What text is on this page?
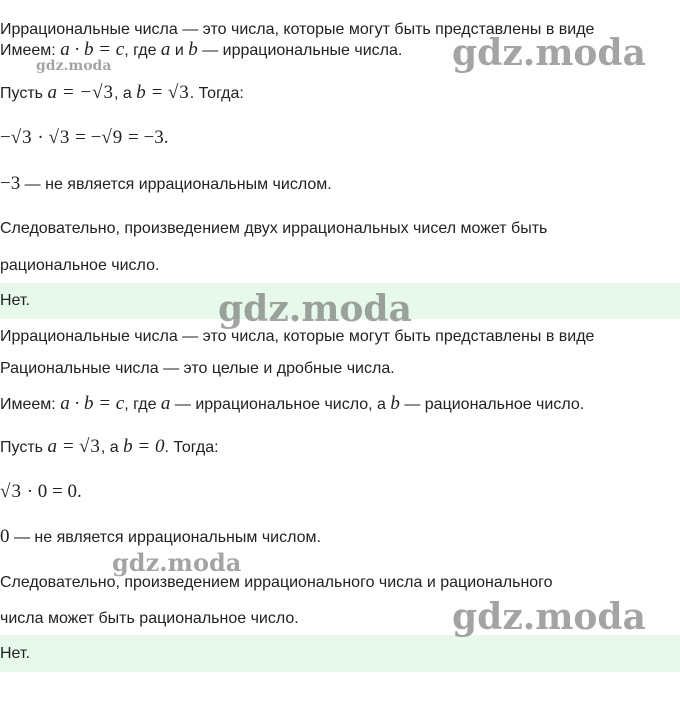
Иррациональные числа — это числа, которые могут быть представлены в виде
Имеем: a · b = c, где a и b — иррациональные числа.
Пусть a = −√3, а b = √3. Тогда:
−√3 · √3 = −√9 = −3.
−3 — не является иррациональным числом.
Следовательно, произведением двух иррациональных чисел может быть
рациональное число.
Нет.
Иррациональные числа — это числа, которые могут быть представлены в виде
Рациональные числа — это целые и дробные числа.
Имеем: a · b = c, где a — иррациональное число, а b — рациональное число.
Пусть a = √3, а b = 0. Тогда:
√3 · 0 = 0.
0 — не является иррациональным числом.
Следовательно, произведением иррационального числа и рационального
числа может быть рациональное число.
Нет.
gdz.moda
gdz.moda
gdz.moda
gdz.moda
gdz.moda
